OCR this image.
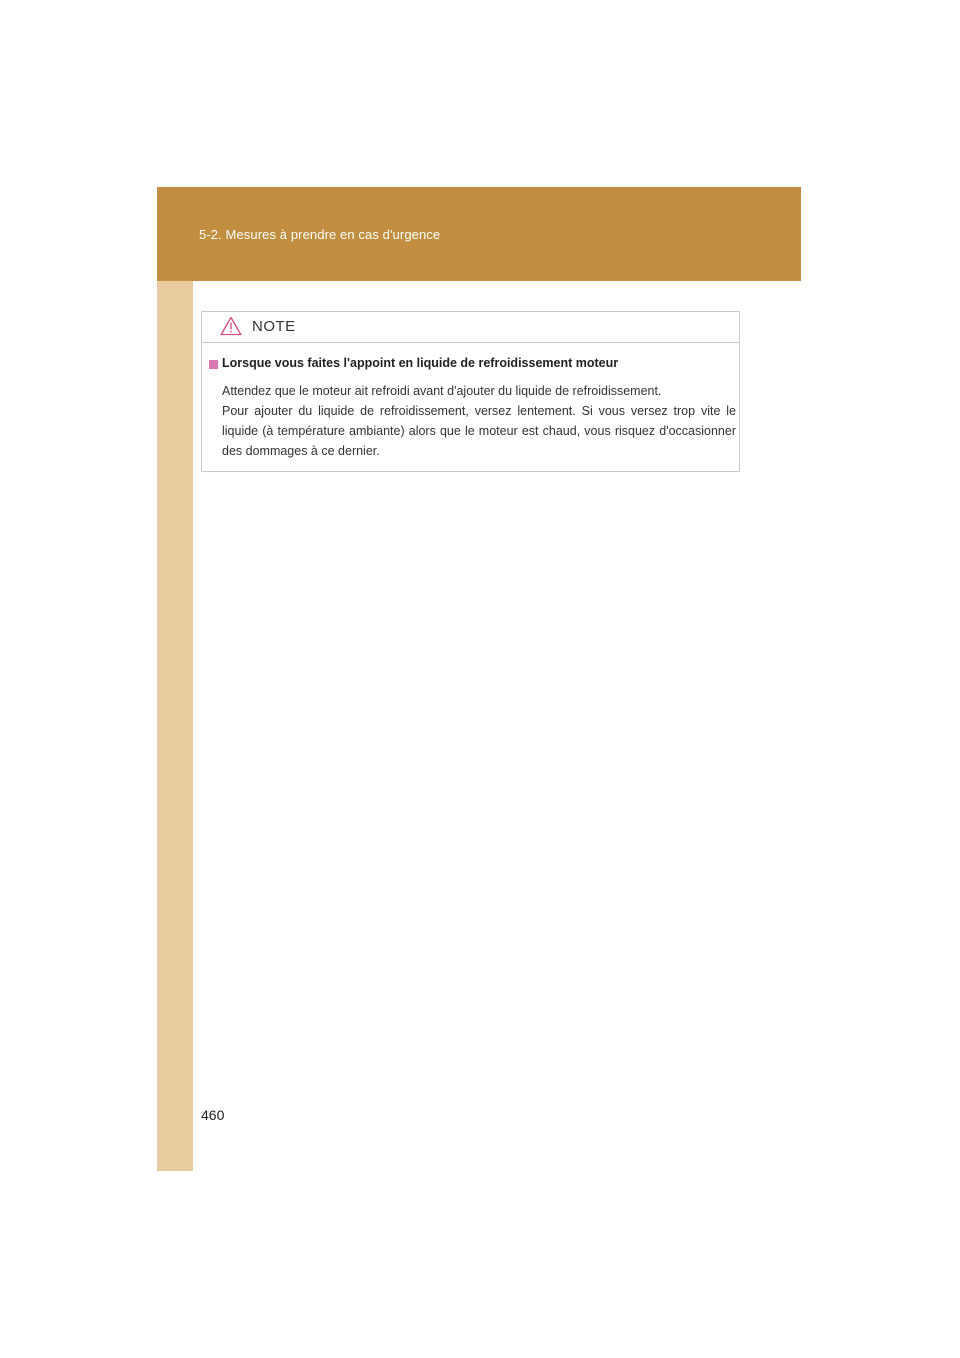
5-2. Mesures à prendre en cas d'urgence
NOTE
Lorsque vous faites l'appoint en liquide de refroidissement moteur

Attendez que le moteur ait refroidi avant d'ajouter du liquide de refroidissement.

Pour ajouter du liquide de refroidissement, versez lentement. Si vous versez trop vite le liquide (à température ambiante) alors que le moteur est chaud, vous risquez d'occasionner des dommages à ce dernier.

460
